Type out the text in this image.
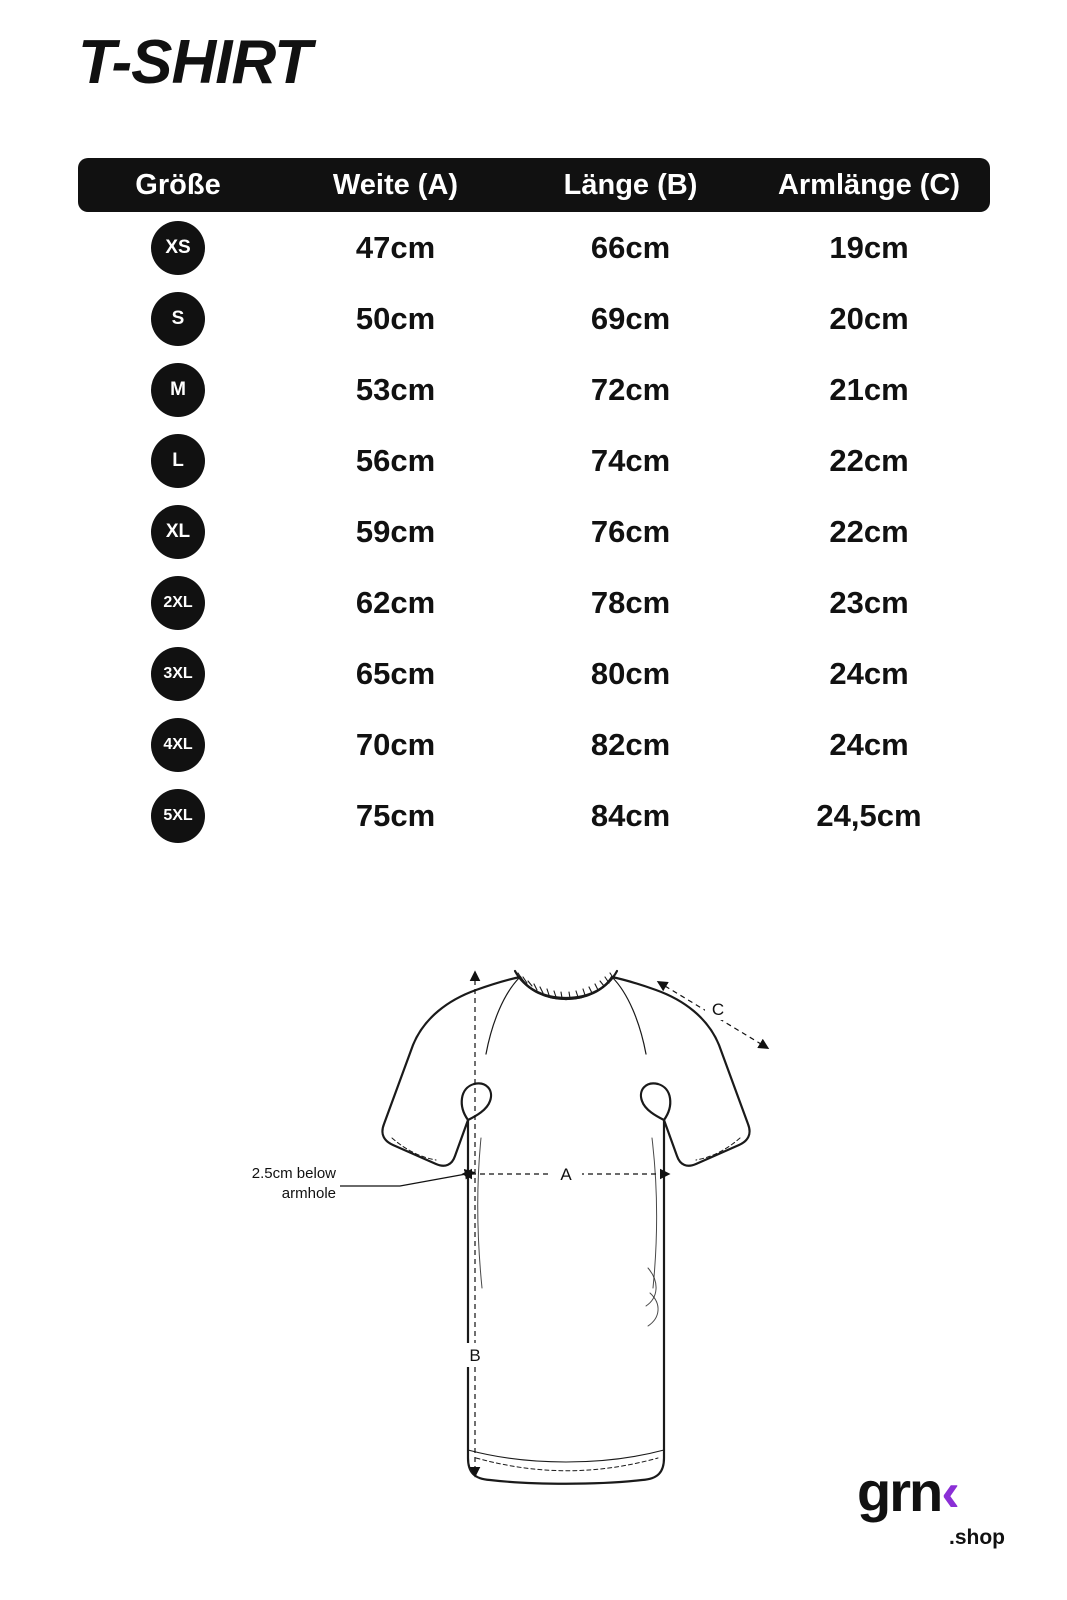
T-SHIRT
Größe	Weite (A)	Länge (B)	Armlänge (C)
XS	47cm	66cm	19cm
S	50cm	69cm	20cm
M	53cm	72cm	21cm
L	56cm	74cm	22cm
XL	59cm	76cm	22cm
2XL	62cm	78cm	23cm
3XL	65cm	80cm	24cm
4XL	70cm	82cm	24cm
5XL	75cm	84cm	24,5cm
A
B
C
2.5cm below
armhole
grn‹
.shop
